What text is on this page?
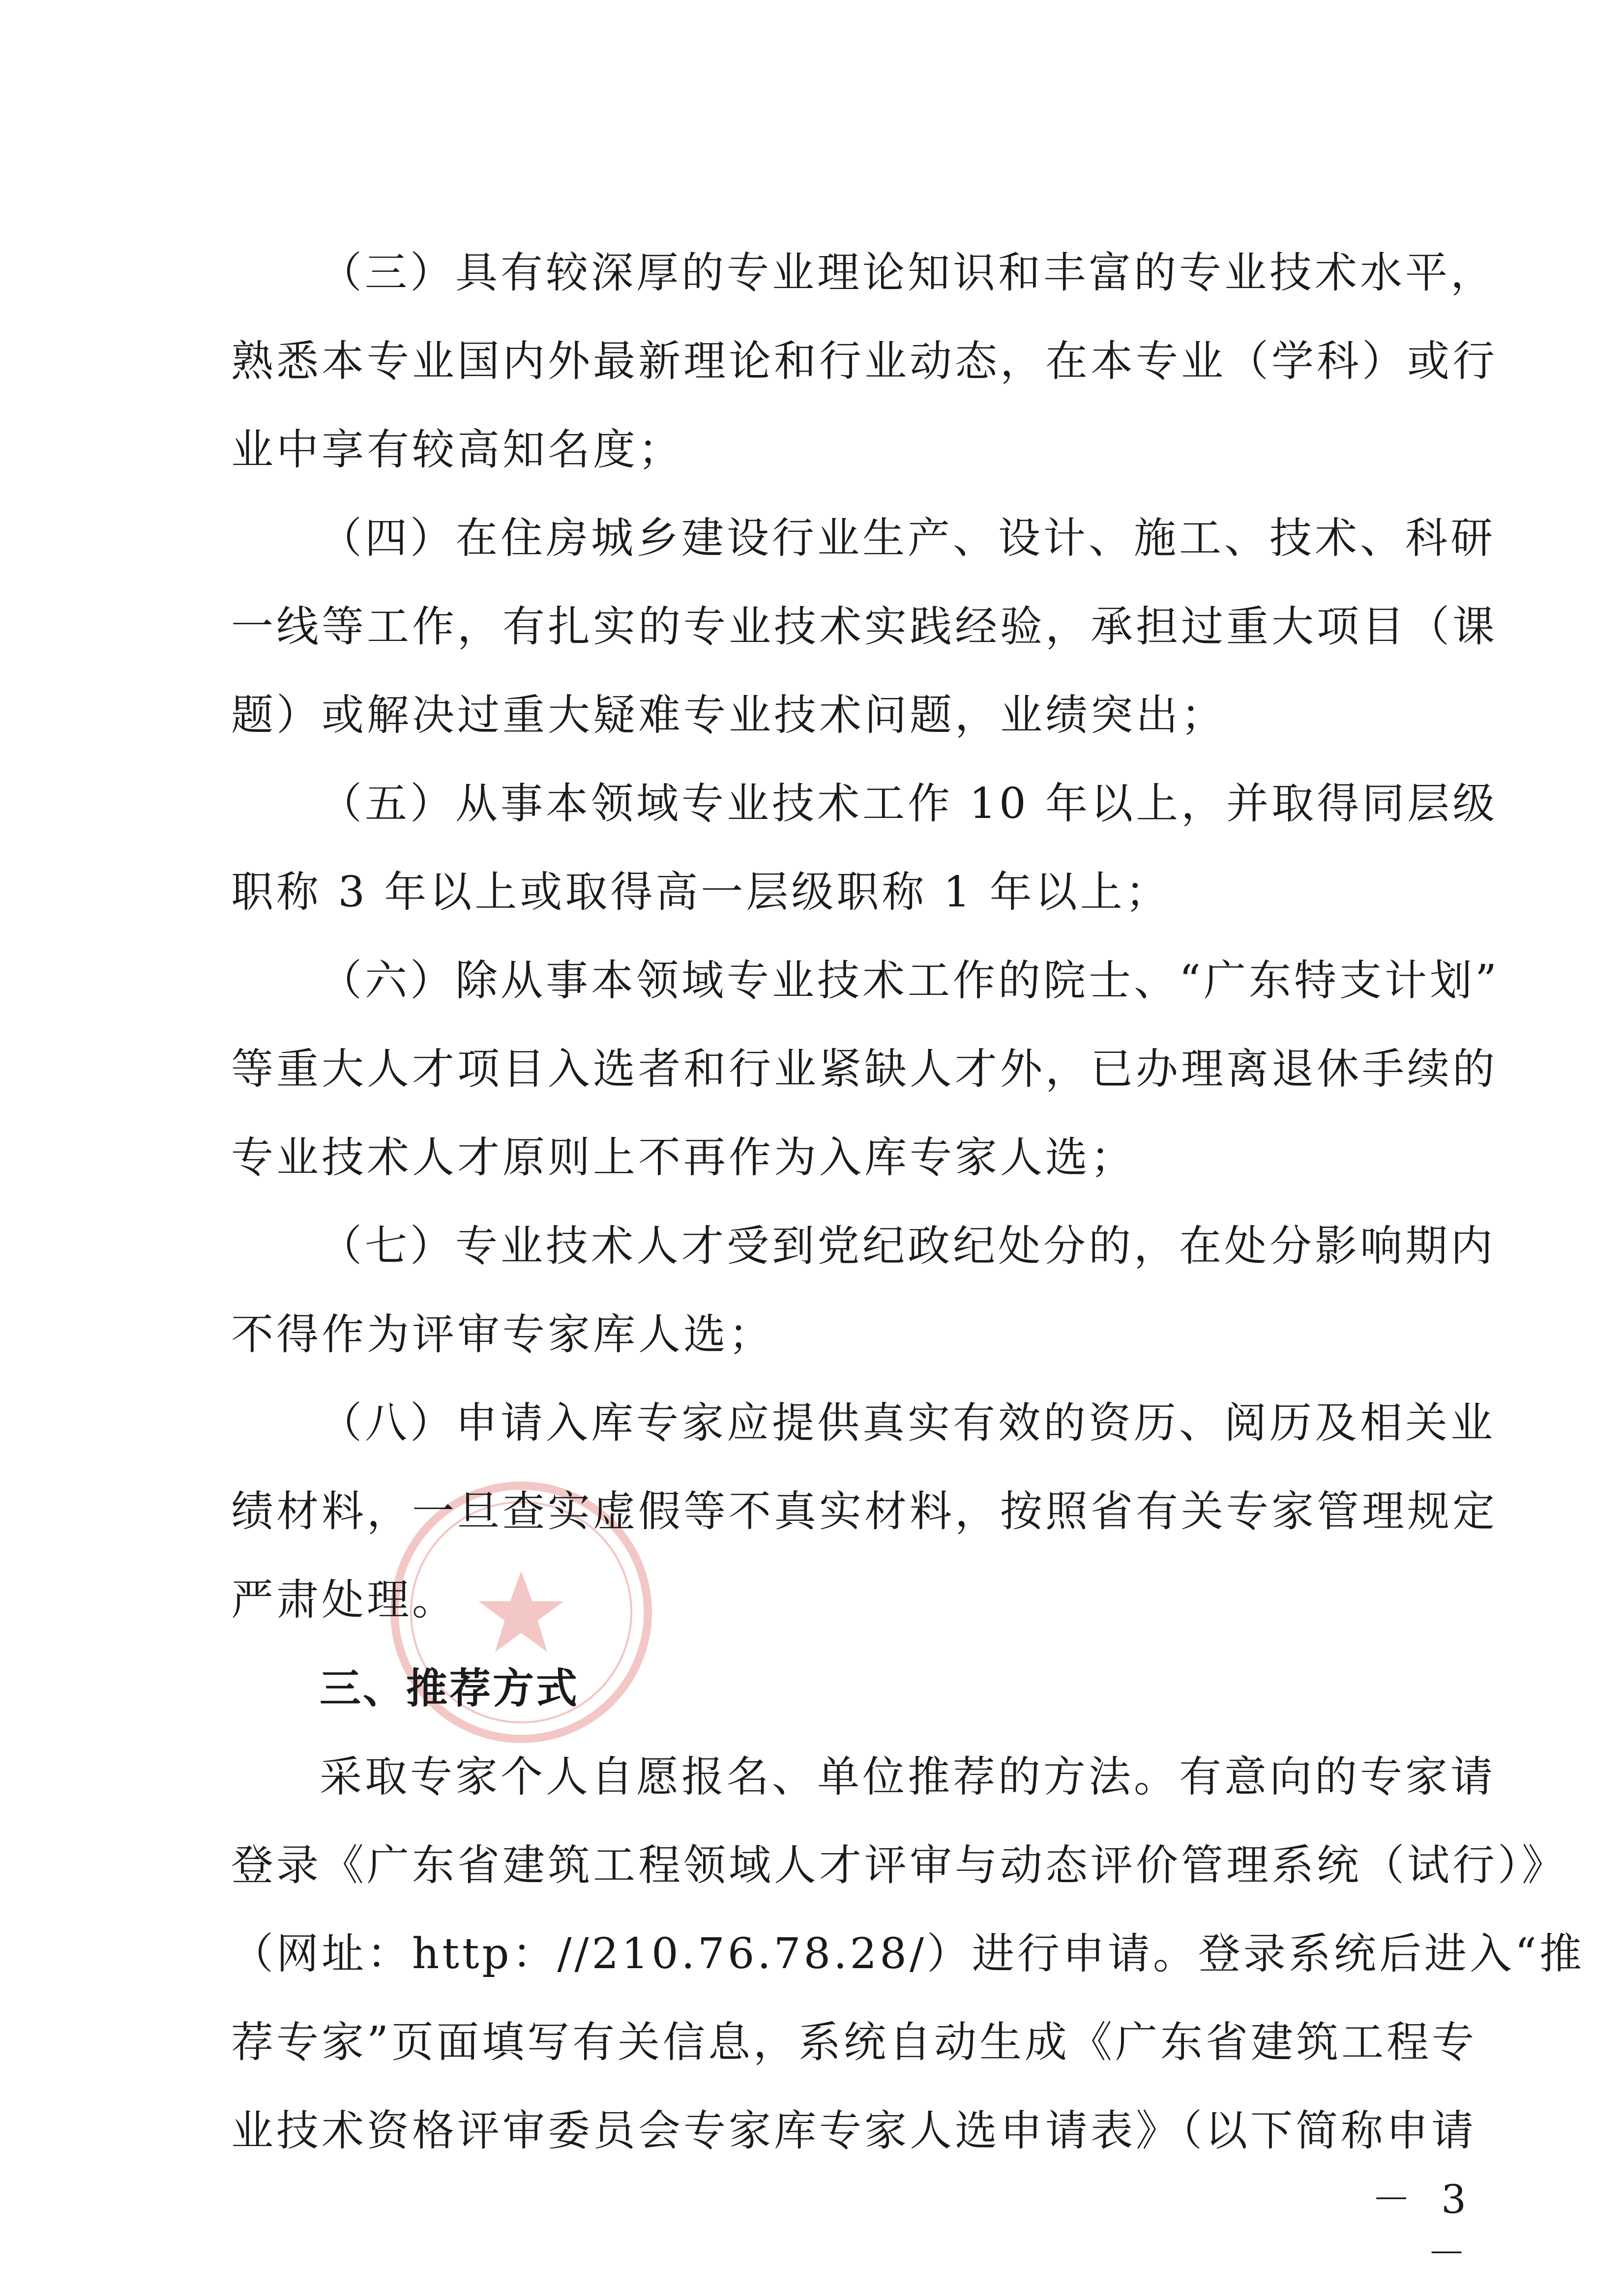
（三）具有较深厚的专业理论知识和丰富的专业技术水平，

熟悉本专业国内外最新理论和行业动态，在本专业（学科）或行

业中享有较高知名度；

（四）在住房城乡建设行业生产、设计、施工、技术、科研

一线等工作，有扎实的专业技术实践经验，承担过重大项目（课

题）或解决过重大疑难专业技术问题，业绩突出；

（五）从事本领域专业技术工作 10 年以上，并取得同层级

职称 3 年以上或取得高一层级职称 1 年以上；

（六）除从事本领域专业技术工作的院士、“广东特支计划”

等重大人才项目入选者和行业紧缺人才外，已办理离退休手续的

专业技术人才原则上不再作为入库专家人选；

（七）专业技术人才受到党纪政纪处分的，在处分影响期内

不得作为评审专家库人选；

（八）申请入库专家应提供真实有效的资历、阅历及相关业

绩材料，一旦查实虚假等不真实材料，按照省有关专家管理规定

严肃处理。

三、推荐方式

采取专家个人自愿报名、单位推荐的方法。有意向的专家请

登录《广东省建筑工程领域人才评审与动态评价管理系统（试行）》

（网址：http：//210.76.78.28/）进行申请。登录系统后进入“推

荐专家”页面填写有关信息，系统自动生成《广东省建筑工程专

业技术资格评审委员会专家库专家人选申请表》（以下简称申请

－ 3 －
